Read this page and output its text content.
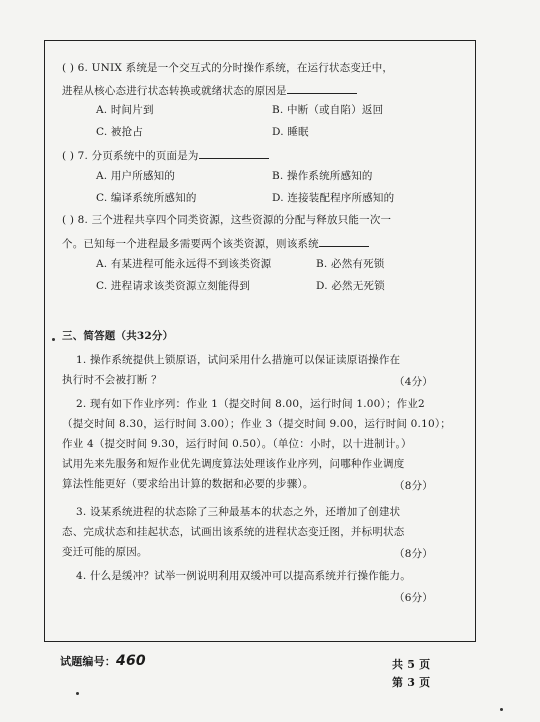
( ) 6. UNIX 系统是一个交互式的分时操作系统，在运行状态变迁中，
进程从核心态进行状态转换或就绪状态的原因是
A. 时间片到	B. 中断（或自陷）返回
C. 被抢占	D. 睡眠
( ) 7. 分页系统中的页面是为
A. 用户所感知的	B. 操作系统所感知的
C. 编译系统所感知的	D. 连接装配程序所感知的
( ) 8. 三个进程共享四个同类资源，这些资源的分配与释放只能一次一
个。已知每一个进程最多需要两个该类资源，则该系统
A. 有某进程可能永远得不到该类资源	B. 必然有死锁
C. 进程请求该类资源立刻能得到	D. 必然无死锁
三、简答题（共32分）
1. 操作系统提供上锁原语，试问采用什么措施可以保证读原语操作在
执行时不会被打断 ？	（4分）
2. 现有如下作业序列：作业 1（提交时间 8.00，运行时间 1.00）；作业2
（提交时间 8.30，运行时间 3.00）；作业 3（提交时间 9.00，运行时间 0.10）；
作业 4（提交时间 9.30，运行时间 0.50）。（单位：小时，以十进制计。）
试用先来先服务和短作业优先调度算法处理该作业序列，问哪种作业调度
算法性能更好（要求给出计算的数据和必要的步骤）。	（8分）
3. 设某系统进程的状态除了三种最基本的状态之外，还增加了创建状
态、完成状态和挂起状态，试画出该系统的进程状态变迁图，并标明状态
变迁可能的原因。	（8分）
4. 什么是缓冲？试举一例说明利用双缓冲可以提高系统并行操作能力。
（6分）
试题编号：460	共 5 页
第 3 页
